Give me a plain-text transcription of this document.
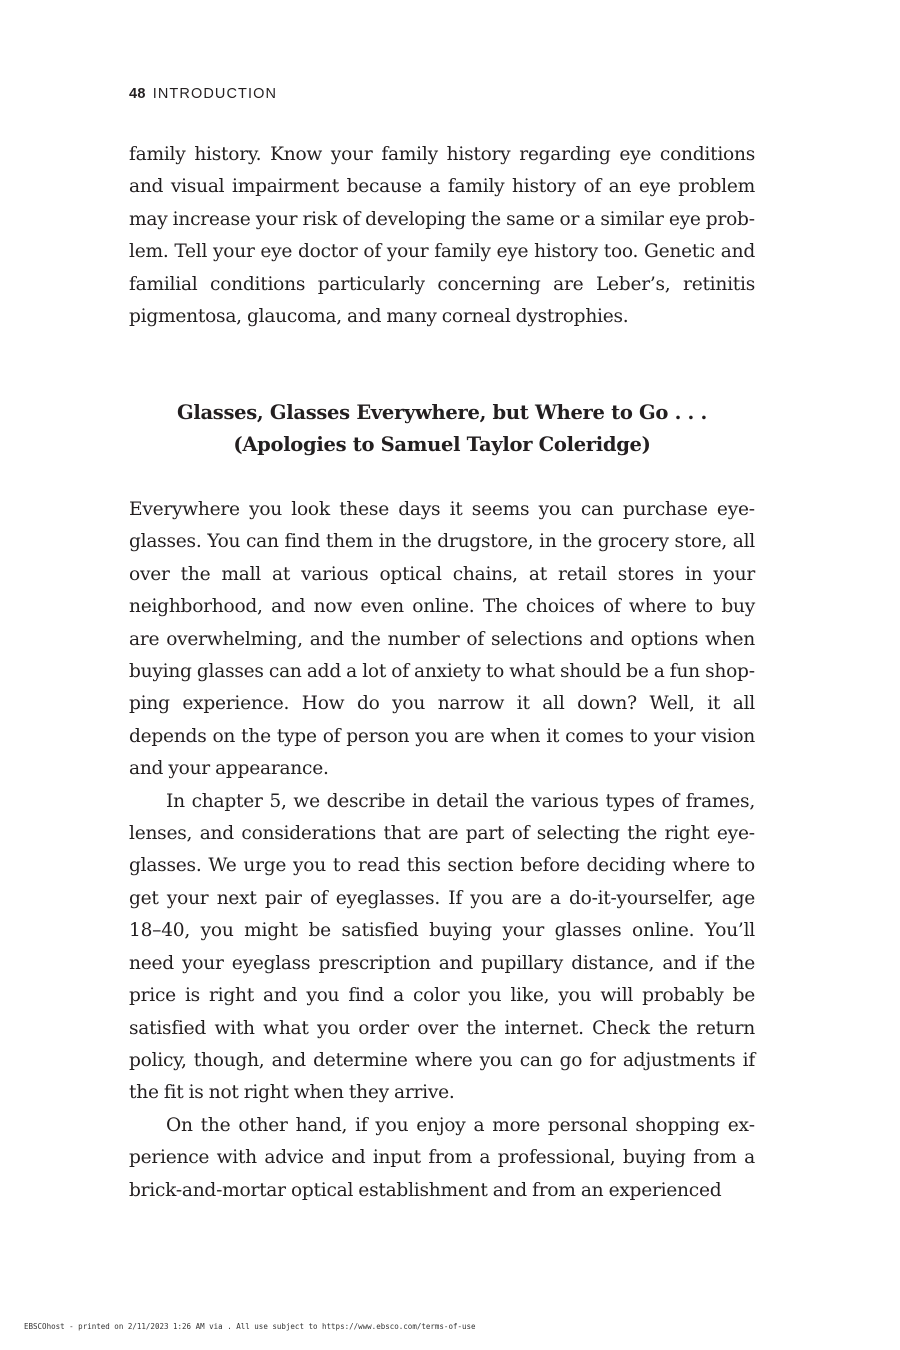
48 INTRODUCTION

family history. Know your family history regarding eye conditions and visual impairment because a family history of an eye problem may increase your risk of developing the same or a similar eye problem. Tell your eye doctor of your family eye history too. Genetic and familial conditions particularly concerning are Leber’s, retinitis pigmentosa, glaucoma, and many corneal dystrophies.

Glasses, Glasses Everywhere, but Where to Go . . .
(Apologies to Samuel Taylor Coleridge)

Everywhere you look these days it seems you can purchase eyeglasses. You can find them in the drugstore, in the grocery store, all over the mall at various optical chains, at retail stores in your neighborhood, and now even online. The choices of where to buy are overwhelming, and the number of selections and options when buying glasses can add a lot of anxiety to what should be a fun shopping experience. How do you narrow it all down? Well, it all depends on the type of person you are when it comes to your vision and your appearance.

In chapter 5, we describe in detail the various types of frames, lenses, and considerations that are part of selecting the right eyeglasses. We urge you to read this section before deciding where to get your next pair of eyeglasses. If you are a do-it-yourselfer, age 18–40, you might be satisfied buying your glasses online. You’ll need your eyeglass prescription and pupillary distance, and if the price is right and you find a color you like, you will probably be satisfied with what you order over the internet. Check the return policy, though, and determine where you can go for adjustments if the fit is not right when they arrive.

On the other hand, if you enjoy a more personal shopping experience with advice and input from a professional, buying from a brick-and-mortar optical establishment and from an experienced

EBSCOhost - printed on 2/11/2023 1:26 AM via . All use subject to https://www.ebsco.com/terms-of-use
